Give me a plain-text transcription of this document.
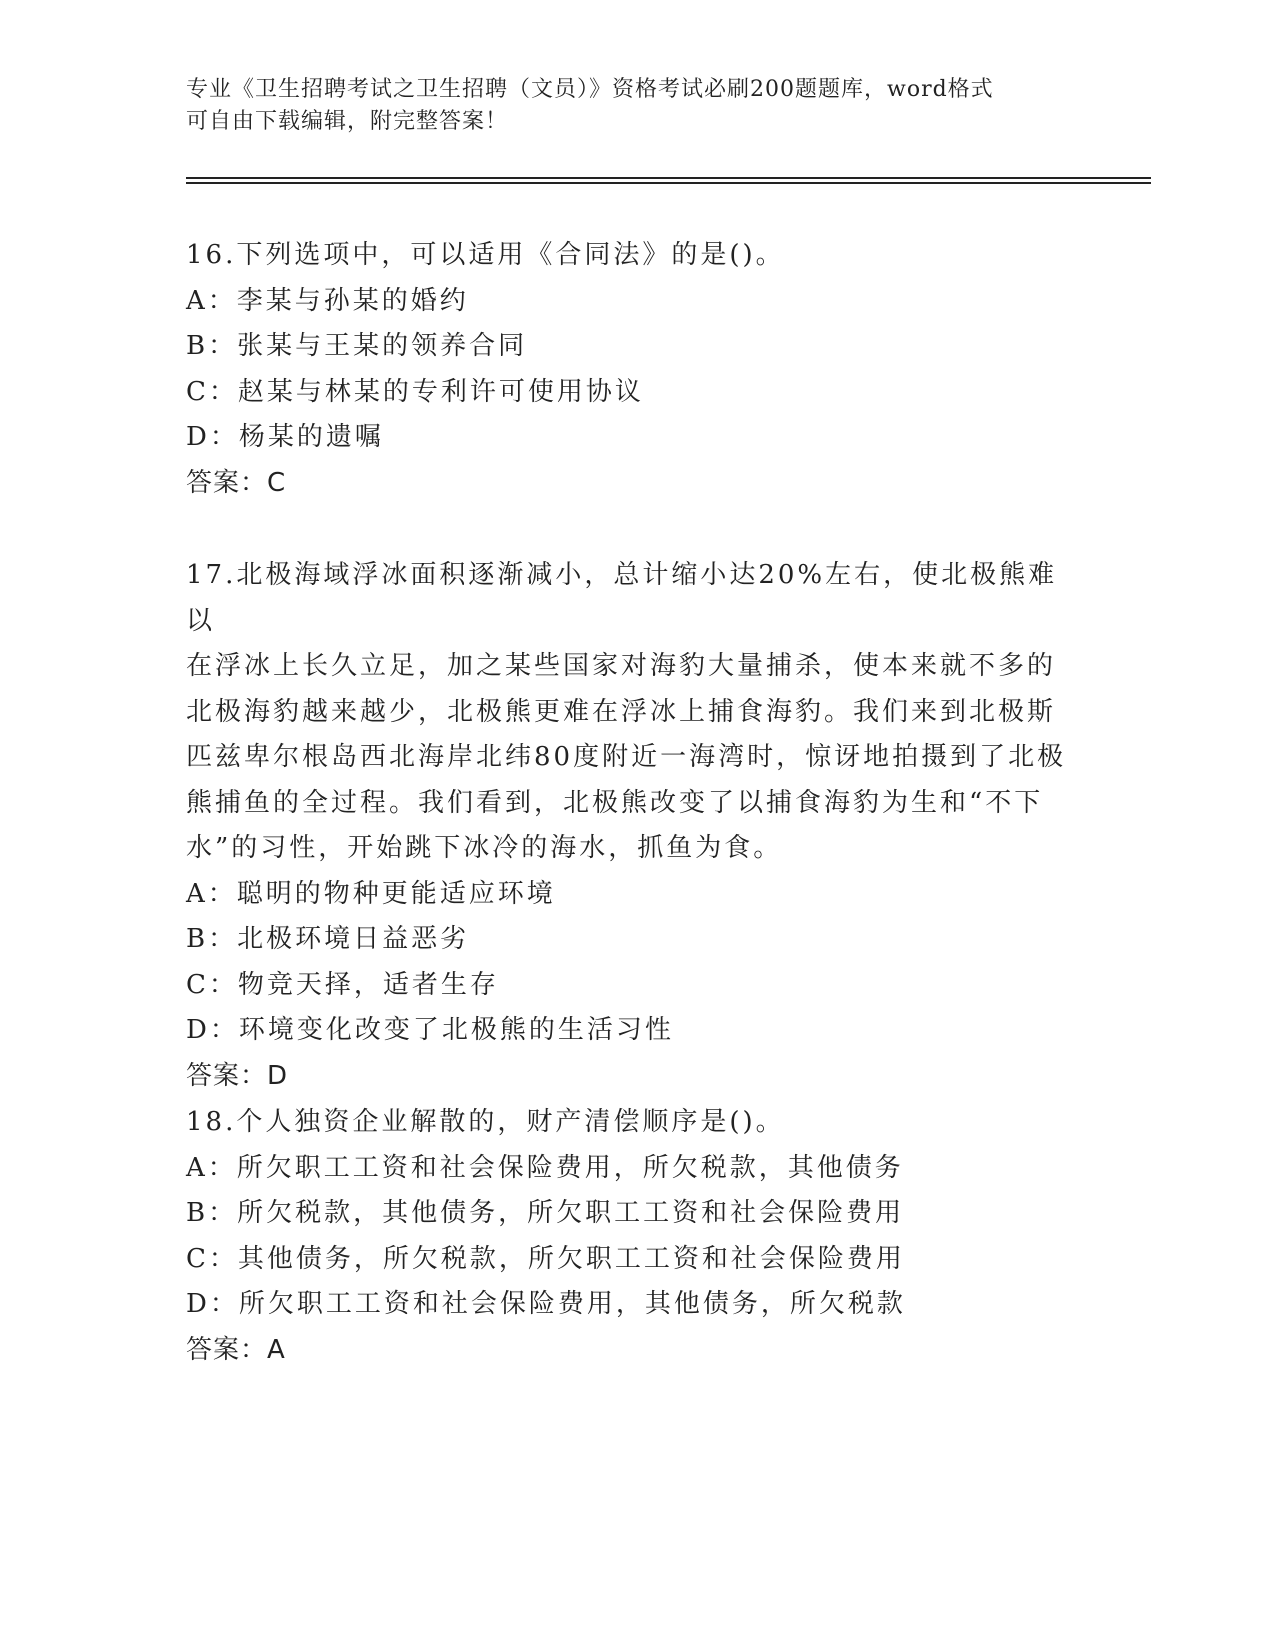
专业《卫生招聘考试之卫生招聘（文员）》资格考试必刷200题题库，word格式
可自由下载编辑，附完整答案！

16.下列选项中，可以适用《合同法》的是()。

A：李某与孙某的婚约

B：张某与王某的领养合同

C：赵某与林某的专利许可使用协议

D：杨某的遗嘱

答案：C

17.北极海域浮冰面积逐渐减小，总计缩小达20%左右，使北极熊难以

在浮冰上长久立足，加之某些国家对海豹大量捕杀，使本来就不多的

北极海豹越来越少，北极熊更难在浮冰上捕食海豹。我们来到北极斯

匹兹卑尔根岛西北海岸北纬80度附近一海湾时，惊讶地拍摄到了北极

熊捕鱼的全过程。我们看到，北极熊改变了以捕食海豹为生和“不下

水”的习性，开始跳下冰冷的海水，抓鱼为食。

A：聪明的物种更能适应环境

B：北极环境日益恶劣

C：物竞天择，适者生存

D：环境变化改变了北极熊的生活习性

答案：D

18.个人独资企业解散的，财产清偿顺序是()。

A：所欠职工工资和社会保险费用，所欠税款，其他债务

B：所欠税款，其他债务，所欠职工工资和社会保险费用

C：其他债务，所欠税款，所欠职工工资和社会保险费用

D：所欠职工工资和社会保险费用，其他债务，所欠税款

答案：A
